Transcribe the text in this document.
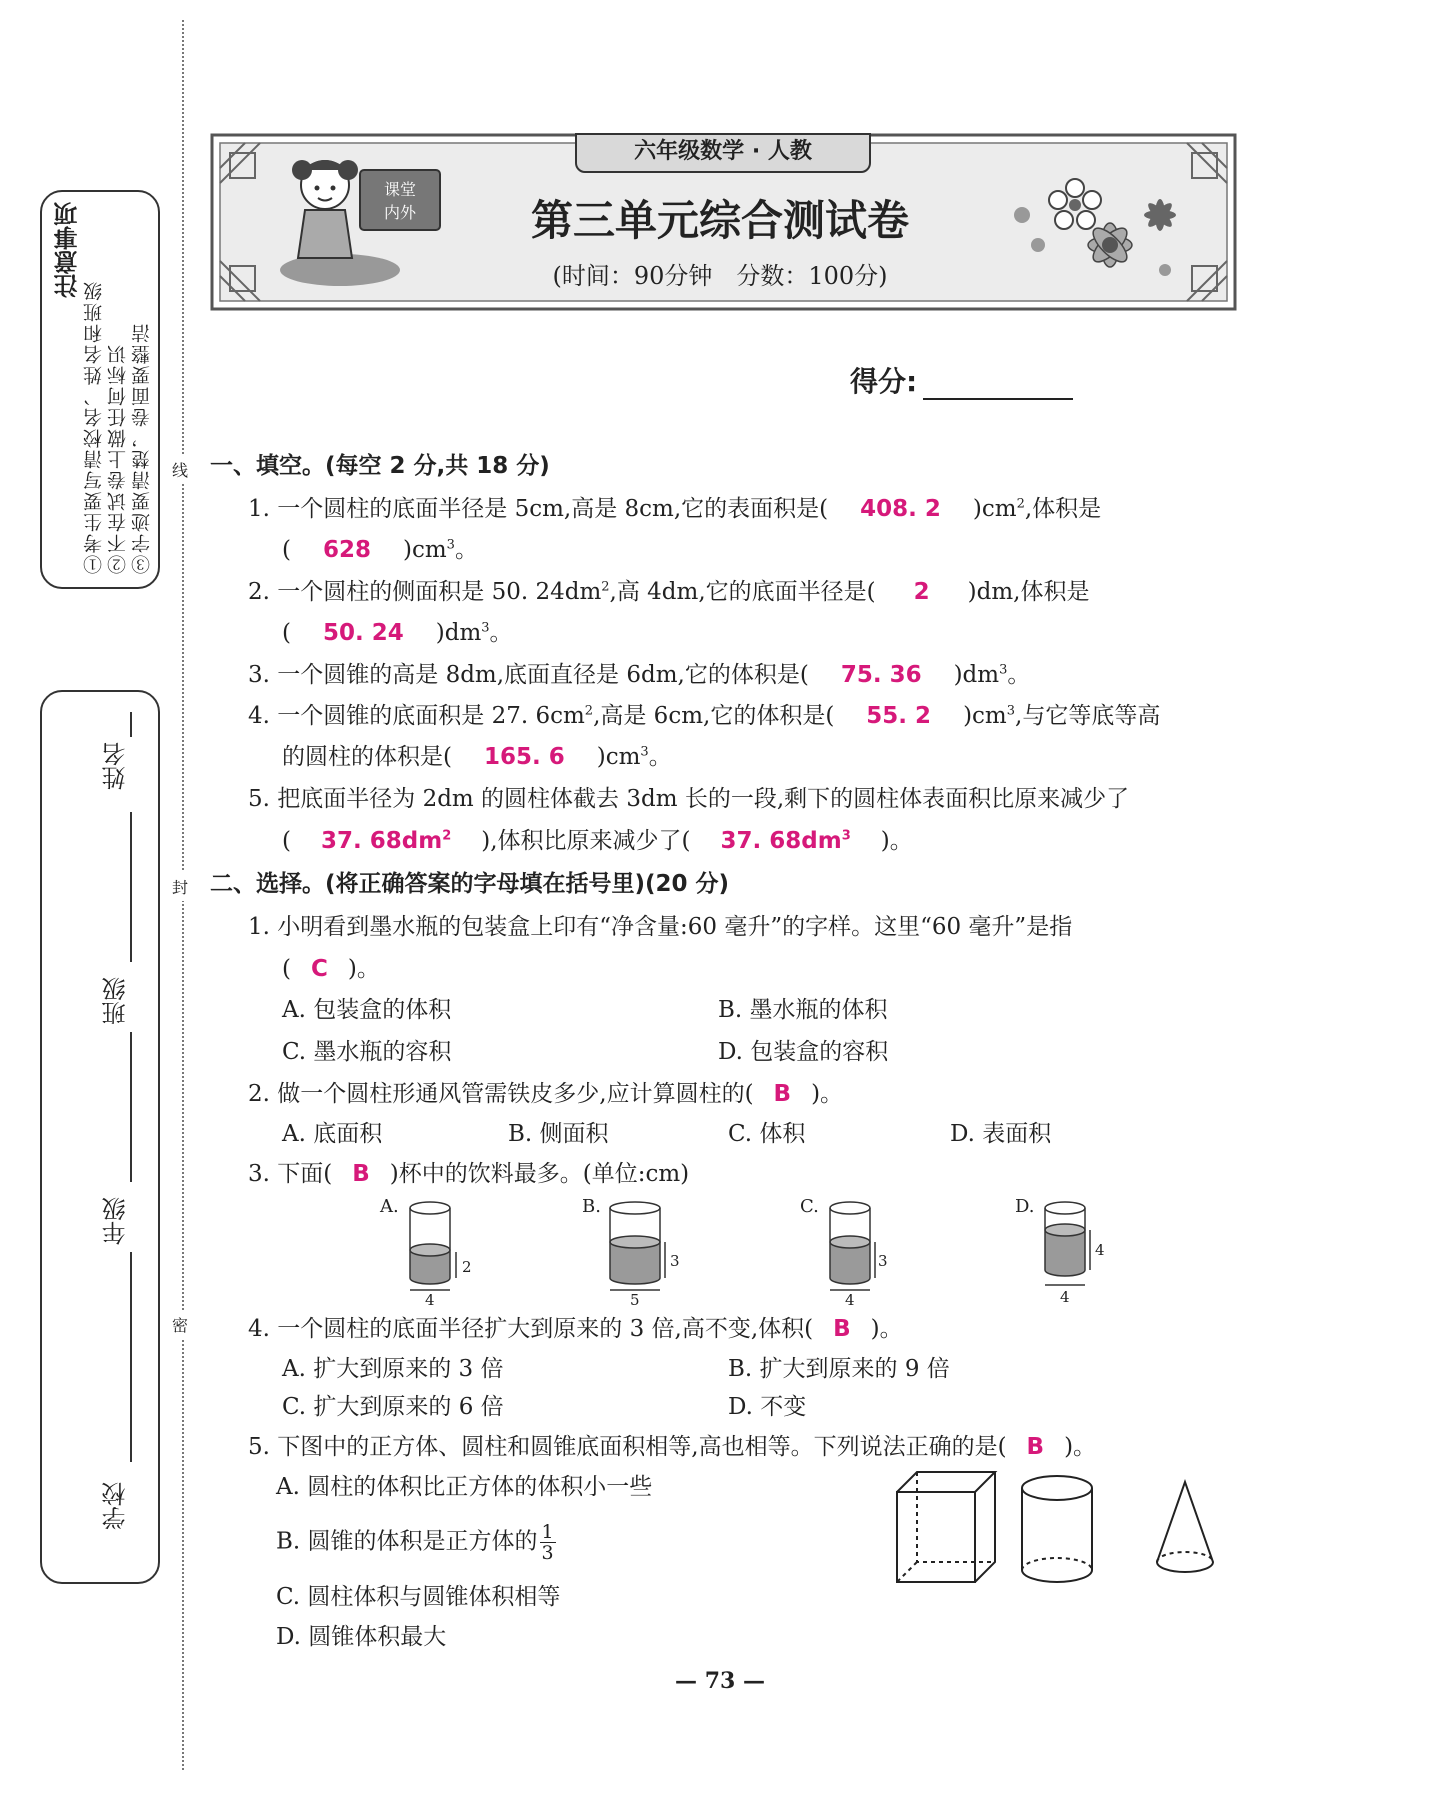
线
封
密
注意事项
①考生要写清校名、姓名和班级 ②不在试卷上做任何标识 ③字迹要清楚，卷面要整洁
学校
年级
班级
姓名
课堂
内外
六年级数学 · 人教
第三单元综合测试卷
(时间：90分钟　分数：100分)
得分:
一、填空。(每空 2 分,共 18 分)
1. 一个圆柱的底面半径是 5cm,高是 8cm,它的表面积是( 408. 2 )$cm^2$,体积是
( 628 )$cm^3$。
2. 一个圆柱的侧面积是 50. $24dm^2$,高 4dm,它的底面半径是( 2 )dm,体积是
( 50. 24 )$dm^3$。
3. 一个圆锥的高是 8dm,底面直径是 6dm,它的体积是( 75. 36 )$dm^3$。
4. 一个圆锥的底面积是 27. $6cm^2$,高是 6cm,它的体积是( 55. 2 )$cm^3$,与它等底等高
的圆柱的体积是( 165. 6 )$cm^3$。
5. 把底面半径为 2dm 的圆柱体截去 3dm 长的一段,剩下的圆柱体表面积比原来减少了
( 37. $68dm^2$ ),体积比原来减少了( 37. $68dm^3$ )。
二、选择。(将正确答案的字母填在括号里)(20 分)
1. 小明看到墨水瓶的包装盒上印有“净含量:60 毫升”的字样。这里“60 毫升”是指
( C )。
A. 包装盒的体积	B. 墨水瓶的体积
C. 墨水瓶的容积	D. 包装盒的容积
2. 做一个圆柱形通风管需铁皮多少,应计算圆柱的( B )。
A. 底面积	B. 侧面积	C. 体积	D. 表面积
3. 下面( B )杯中的饮料最多。(单位:cm)
A.
2
4
B.
3
5
C.
3
4
D.
4
4
4. 一个圆柱的底面半径扩大到原来的 3 倍,高不变,体积( B )。
A. 扩大到原来的 3 倍	B. 扩大到原来的 9 倍
C. 扩大到原来的 6 倍	D. 不变
5. 下图中的正方体、圆柱和圆锥底面积相等,高也相等。下列说法正确的是( B )。
A. 圆柱的体积比正方体的体积小一些
B. 圆锥的体积是正方体的 $\frac{1}{3}$
C. 圆柱体积与圆锥体积相等
D. 圆锥体积最大
— 73 —
